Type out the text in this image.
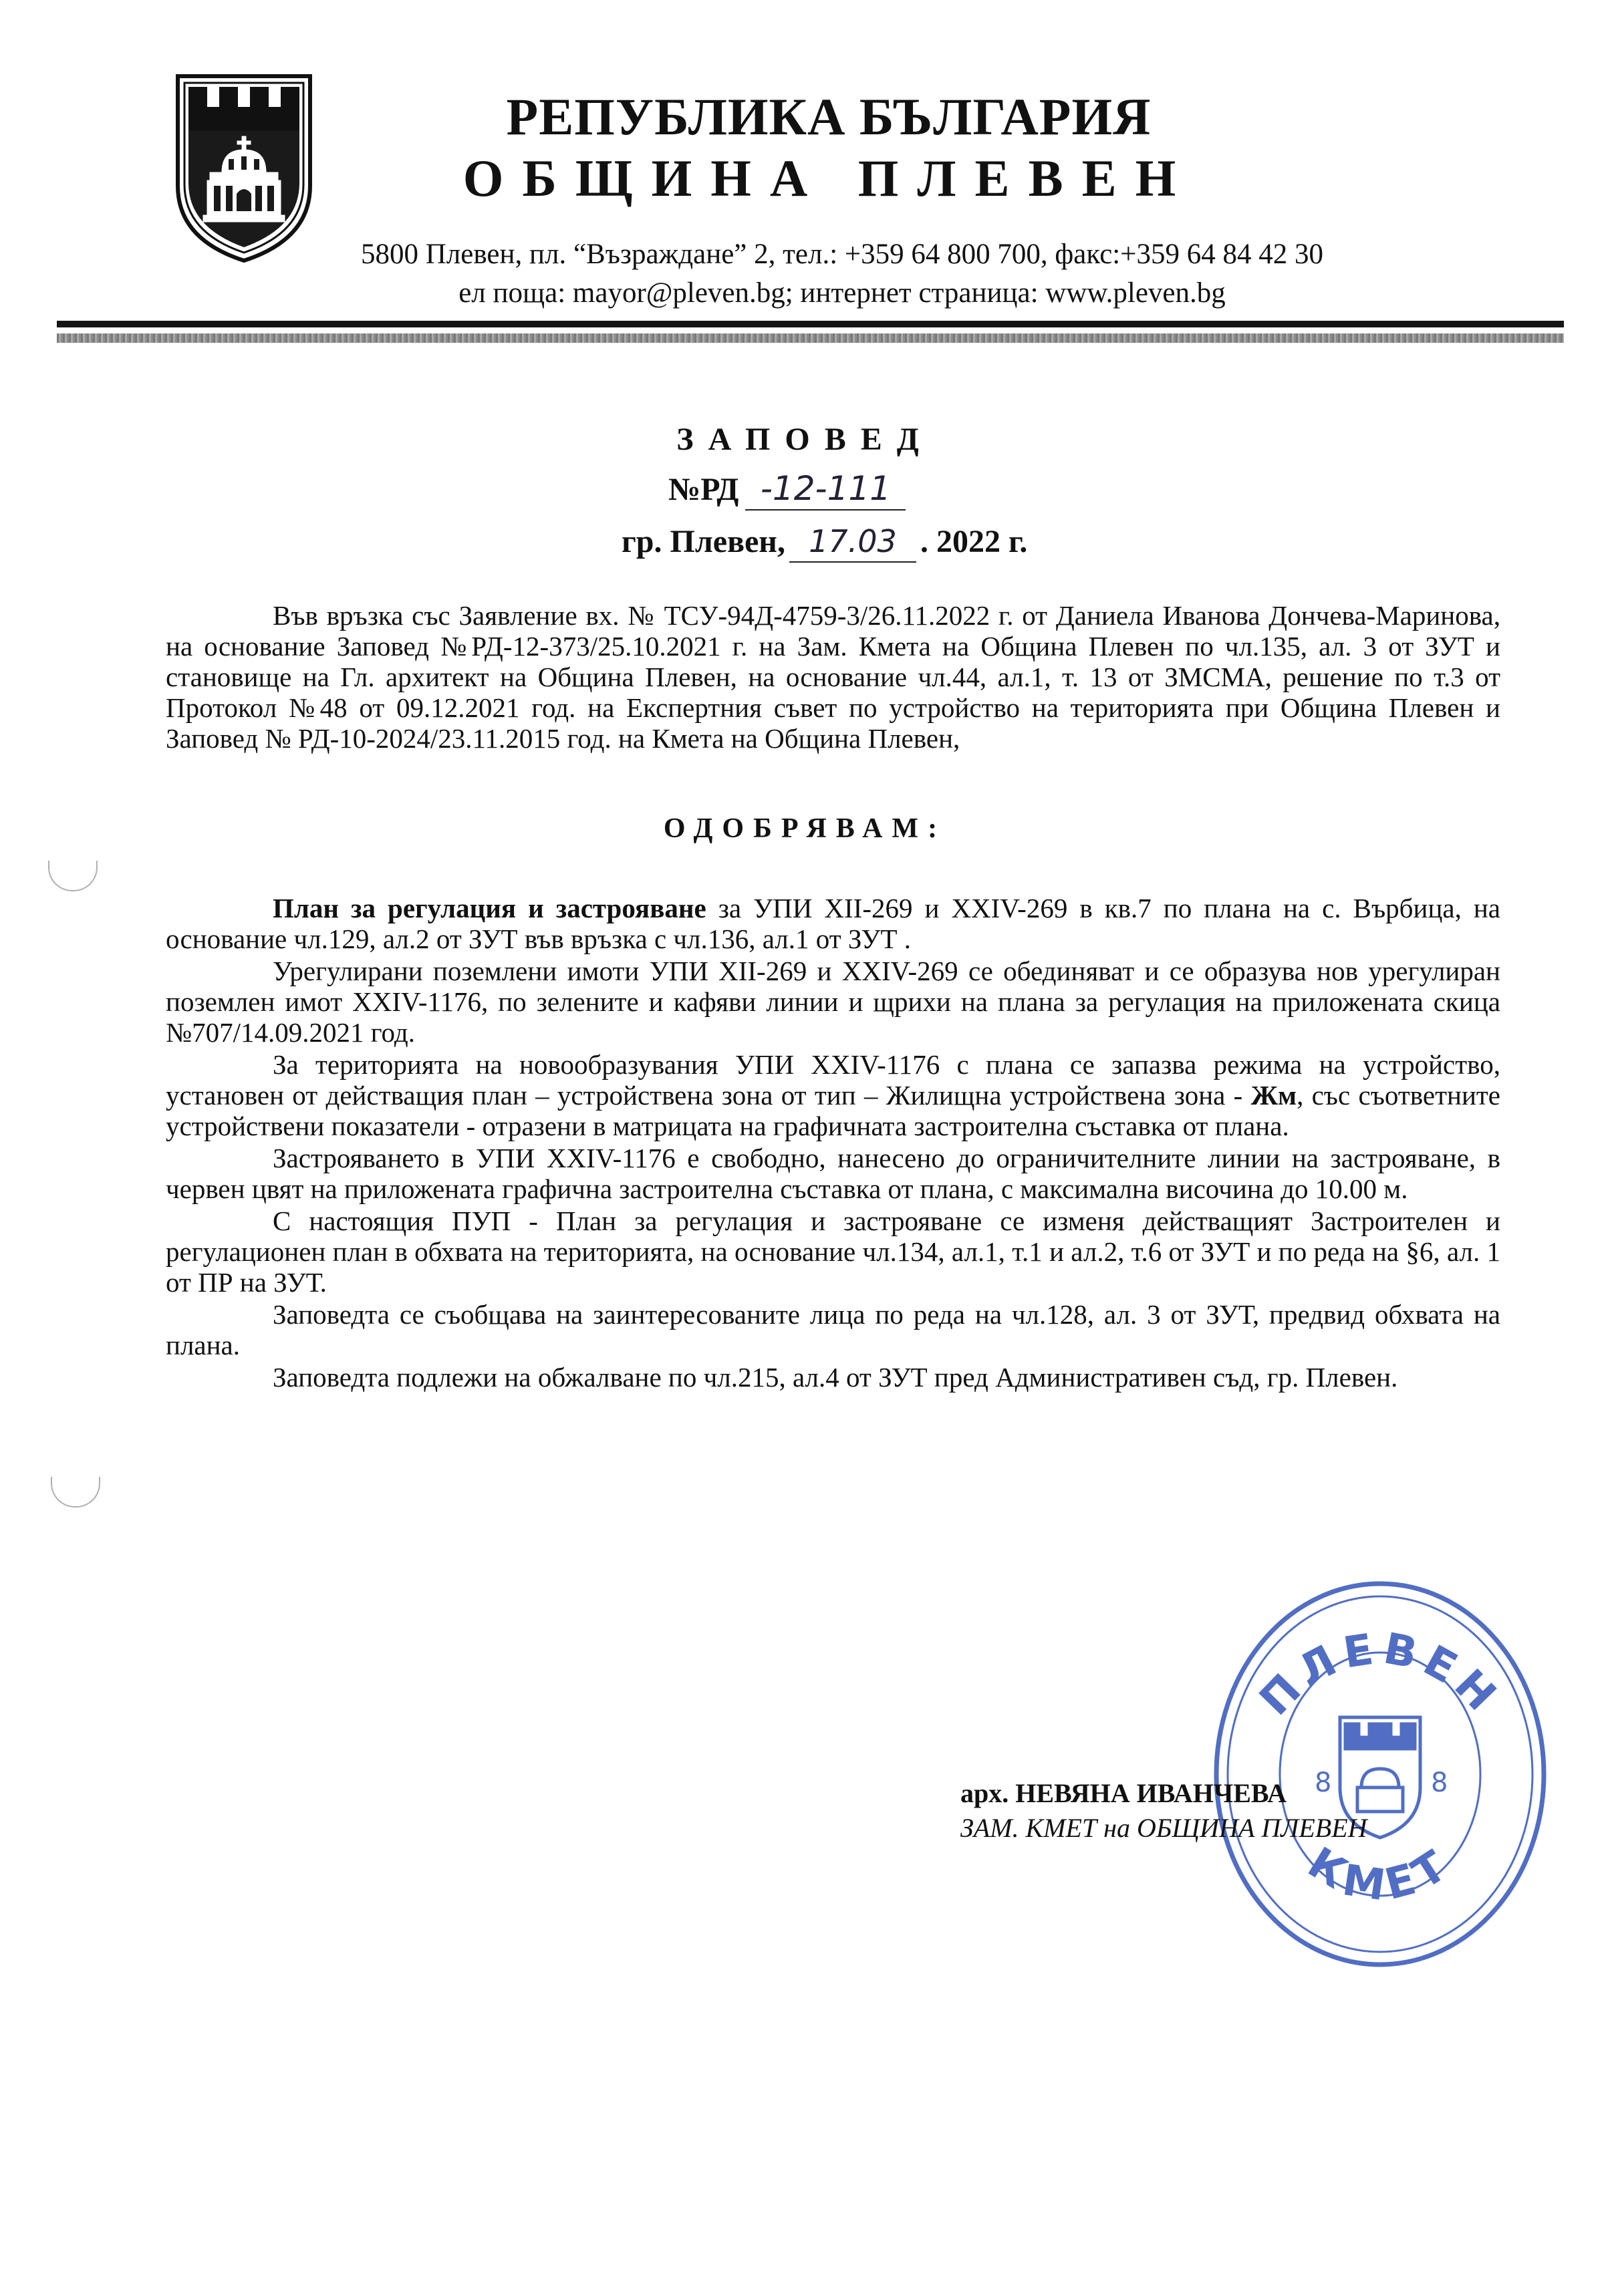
РЕПУБЛИКА БЪЛГАРИЯ
ОБЩИНА ПЛЕВЕН
5800 Плевен, пл. “Възраждане” 2, тел.: +359 64 800 700, факс:+359 64 84 42 30
ел поща: mayor@pleven.bg; интернет страница: www.pleven.bg
ЗАПОВЕД
№РД -12-111
гр. Плевен, 17.03 . 2022 г.

Във връзка със Заявление вх. № ТСУ-94Д-4759-3/26.11.2022 г. от Даниела Иванова Дончева-Маринова, на основание Заповед №РД-12-373/25.10.2021 г. на Зам. Кмета на Община Плевен по чл.135, ал. 3 от ЗУТ и становище на Гл. архитект на Община Плевен, на основание чл.44, ал.1, т. 13 от ЗМСМА, решение по т.3 от Протокол №48 от 09.12.2021 год. на Експертния съвет по устройство на територията при Община Плевен и Заповед № РД-10-2024/23.11.2015 год. на Кмета на Община Плевен,

ОДОБРЯВАМ:

План за регулация и застрояване за УПИ XII-269 и XXIV-269 в кв.7 по плана на с. Върбица, на основание чл.129, ал.2 от ЗУТ във връзка с чл.136, ал.1 от ЗУТ .

Урегулирани поземлени имоти УПИ XII-269 и XXIV-269 се обединяват и се образува нов урегулиран поземлен имот XXIV-1176, по зелените и кафяви линии и щрихи на плана за регулация на приложената скица №707/14.09.2021 год.

За територията на новообразувания УПИ XXIV-1176 с плана се запазва режима на устройство, установен от действащия план – устройствена зона от тип – Жилищна устройствена зона - Жм, със съответните устройствени показатели - отразени в матрицата на графичната застроителна съставка от плана.

Застрояването в УПИ XXIV-1176 е свободно, нанесено до ограничителните линии на застрояване, в червен цвят на приложената графична застроителна съставка от плана, с максимална височина до 10.00 м.

С настоящия ПУП - План за регулация и застрояване се изменя действащият Застроителен и регулационен план в обхвата на територията, на основание чл.134, ал.1, т.1 и ал.2, т.6 от ЗУТ и по реда на §6, ал. 1 от ПР на ЗУТ.

Заповедта се съобщава на заинтересованите лица по реда на чл.128, ал. 3 от ЗУТ, предвид обхвата на плана.

Заповедта подлежи на обжалване по чл.215, ал.4 от ЗУТ пред Административен съд, гр. Плевен.

ПЛЕВЕН
КМЕТ
8	8
арх. НЕВЯНА ИВАНЧЕВА
ЗАМ. КМЕТ на ОБЩИНА ПЛЕВЕН
